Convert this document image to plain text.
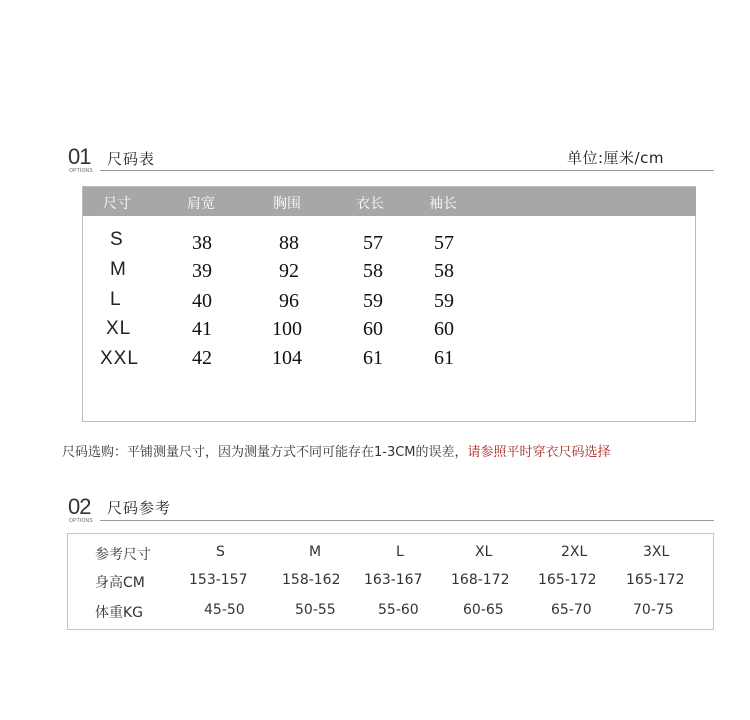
01
OPTIONS
尺码表	单位:厘米/cm
尺寸	肩宽	胸围	衣长	袖长
S	38	88	57	57
M	39	92	58	58
L	40	96	59	59
XL	41	100	60	60
XXL	42	104	61	61
尺码选购：平铺测量尺寸，因为测量方式不同可能存在1-3CM的误差，请参照平时穿衣尺码选择
02
OPTIONS
尺码参考
参考尺寸	S	M	L	XL	2XL	3XL
身高CM	153-157 158-162 163-167 168-172 165-172 165-172
体重KG	45-50	50-55	55-60	60-65	65-70	70-75
